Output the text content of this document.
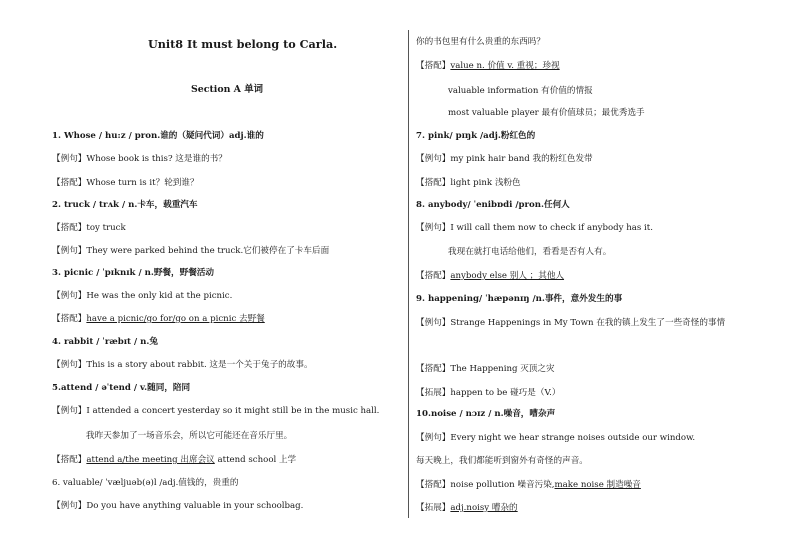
Unit8 It must belong to Carla.
Section A 单词
1. Whose / hu:z / pron.谁的（疑问代词）adj.谁的
【例句】Whose book is this? 这是谁的书？
【搭配】Whose turn is it？轮到谁？
2. truck / trʌk / n.卡车，载重汽车
【搭配】toy truck
【例句】They were parked behind the truck.它们被停在了卡车后面
3. picnic / ˈpɪknɪk / n.野餐，野餐活动
【例句】He was the only kid at the picnic.
【搭配】have a picnic/go for/go on a picnic 去野餐
4. rabbit / ˈræbɪt / n.兔
【例句】This is a story about rabbit. 这是一个关于兔子的故事。
5.attend / əˈtend / v.随同，陪同
【例句】I attended a concert yesterday so it might still be in the music hall.
我昨天参加了一场音乐会，所以它可能还在音乐厅里。
【搭配】attend a/the meeting 出席会议 attend school 上学
6. valuable/ ˈvæljuəb(ə)l /adj.值钱的，贵重的
【例句】Do you have anything valuable in your schoolbag.
你的书包里有什么贵重的东西吗？
【搭配】value n. 价值 v. 重视；珍视
valuable information 有价值的情报
most valuable player 最有价值球员；最优秀选手
7. pink/ pɪŋk /adj.粉红色的
【例句】my pink hair band 我的粉红色发带
【搭配】light pink 浅粉色
8. anybody/ ˈenibɒdi /pron.任何人
【例句】I will call them now to check if anybody has it.
我现在就打电话给他们，看看是否有人有。
【搭配】anybody else 别人 ；其他人
9. happening/ ˈhæpənɪŋ /n.事件，意外发生的事
【例句】Strange Happenings in My Town 在我的镇上发生了一些奇怪的事情
【搭配】The Happening 灭顶之灾
【拓展】happen to be 碰巧是（V.）
10.noise / nɔɪz / n.噪音，嘈杂声
【例句】Every night we hear strange noises outside our window.
每天晚上，我们都能听到窗外有奇怪的声音。
【搭配】noise pollution 噪音污染,make noise 制造噪音
【拓展】adj.noisy 嘈杂的
